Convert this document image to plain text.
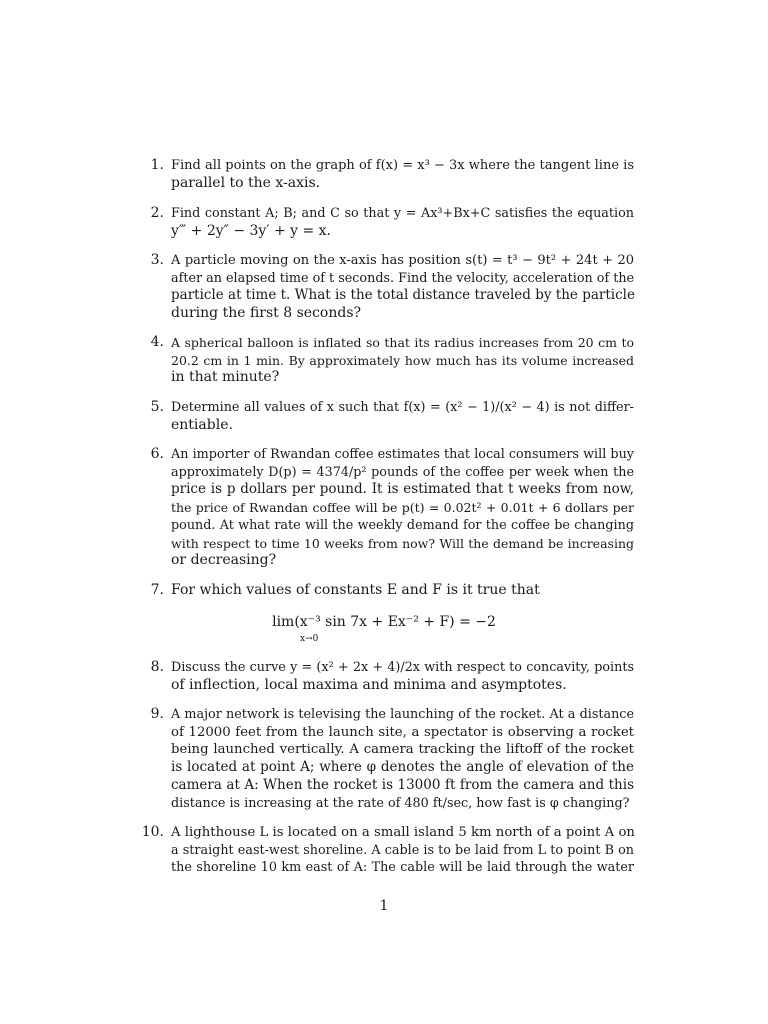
1. Find all points on the graph of f(x) = x³ − 3x where the tangent line is
parallel to the x-axis.
2. Find constant A; B; and C so that y = Ax³+Bx+C satisfies the equation
y‴ + 2y″ − 3y′ + y = x.
3. A particle moving on the x-axis has position s(t) = t³ − 9t² + 24t + 20
after an elapsed time of t seconds. Find the velocity, acceleration of the
particle at time t. What is the total distance traveled by the particle
during the first 8 seconds?
4. A spherical balloon is inflated so that its radius increases from 20 cm to
20.2 cm in 1 min. By approximately how much has its volume increased
in that minute?
5. Determine all values of x such that f(x) = (x² − 1)/(x² − 4) is not differ-
entiable.
6. An importer of Rwandan coffee estimates that local consumers will buy
approximately D(p) = 4374/p² pounds of the coffee per week when the
price is p dollars per pound. It is estimated that t weeks from now,
the price of Rwandan coffee will be p(t) = 0.02t² + 0.01t + 6 dollars per
pound. At what rate will the weekly demand for the coffee be changing
with respect to time 10 weeks from now? Will the demand be increasing
or decreasing?
7. For which values of constants E and F is it true that
lim(x⁻³ sin 7x + Ex⁻² + F) = −2
x→0
8. Discuss the curve y = (x² + 2x + 4)/2x with respect to concavity, points
of inflection, local maxima and minima and asymptotes.
9. A major network is televising the launching of the rocket. At a distance
of 12000 feet from the launch site, a spectator is observing a rocket
being launched vertically. A camera tracking the liftoff of the rocket
is located at point A; where φ denotes the angle of elevation of the
camera at A: When the rocket is 13000 ft from the camera and this
distance is increasing at the rate of 480 ft/sec, how fast is φ changing?
10. A lighthouse L is located on a small island 5 km north of a point A on
a straight east-west shoreline. A cable is to be laid from L to point B on
the shoreline 10 km east of A: The cable will be laid through the water
1
